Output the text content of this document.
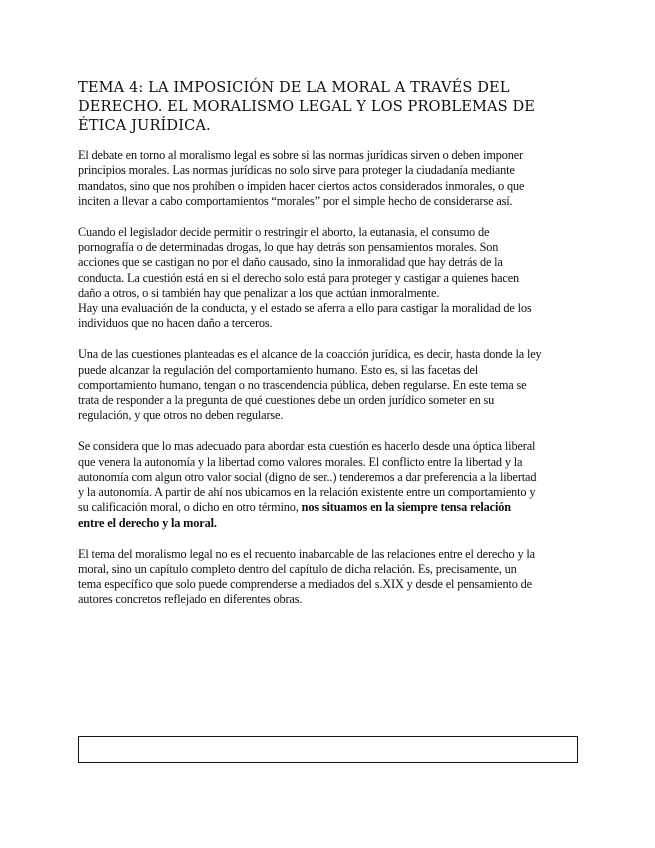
TEMA 4: LA IMPOSICIÓN DE LA MORAL A TRAVÉS DEL
DERECHO. EL MORALISMO LEGAL Y LOS PROBLEMAS DE
ÉTICA JURÍDICA.

El debate en torno al moralismo legal es sobre si las normas jurídicas sirven o deben imponer
principios morales. Las normas jurídicas no solo sirve para proteger la ciudadanía mediante
mandatos, sino que nos prohíben o impiden hacer ciertos actos considerados inmorales, o que
inciten a llevar a cabo comportamientos “morales” por el simple hecho de considerarse así.

Cuando el legislador decide permitir o restringir el aborto, la eutanasia, el consumo de
pornografía o de determinadas drogas, lo que hay detrás son pensamientos morales. Son
acciones que se castigan no por el daño causado, sino la inmoralidad que hay detrás de la
conducta. La cuestión está en si el derecho solo está para proteger y castigar a quienes hacen
daño a otros, o si también hay que penalizar a los que actúan inmoralmente.
Hay una evaluación de la conducta, y el estado se aferra a ello para castigar la moralidad de los
individuos que no hacen daño a terceros.

Una de las cuestiones planteadas es el alcance de la coacción jurídica, es decir, hasta donde la ley
puede alcanzar la regulación del comportamiento humano. Esto es, si las facetas del
comportamiento humano, tengan o no trascendencia pública, deben regularse. En este tema se
trata de responder a la pregunta de qué cuestiones debe un orden jurídico someter en su
regulación, y que otros no deben regularse.

Se considera que lo mas adecuado para abordar esta cuestión es hacerlo desde una óptica liberal
que venera la autonomía y la libertad como valores morales. El conflicto entre la libertad y la
autonomía com algun otro valor social (digno de ser..) tenderemos a dar preferencia a la libertad
y la autonomía. A partir de ahí nos ubicamos en la relación existente entre un comportamiento y
su calificación moral, o dicho en otro término, nos situamos en la siempre tensa relación
entre el derecho y la moral.

El tema del moralismo legal no es el recuento inabarcable de las relaciones entre el derecho y la
moral, sino un capítulo completo dentro del capítulo de dicha relación. Es, precisamente, un
tema específico que solo puede comprenderse a mediados del s.XIX y desde el pensamiento de
autores concretos reflejado en diferentes obras.
